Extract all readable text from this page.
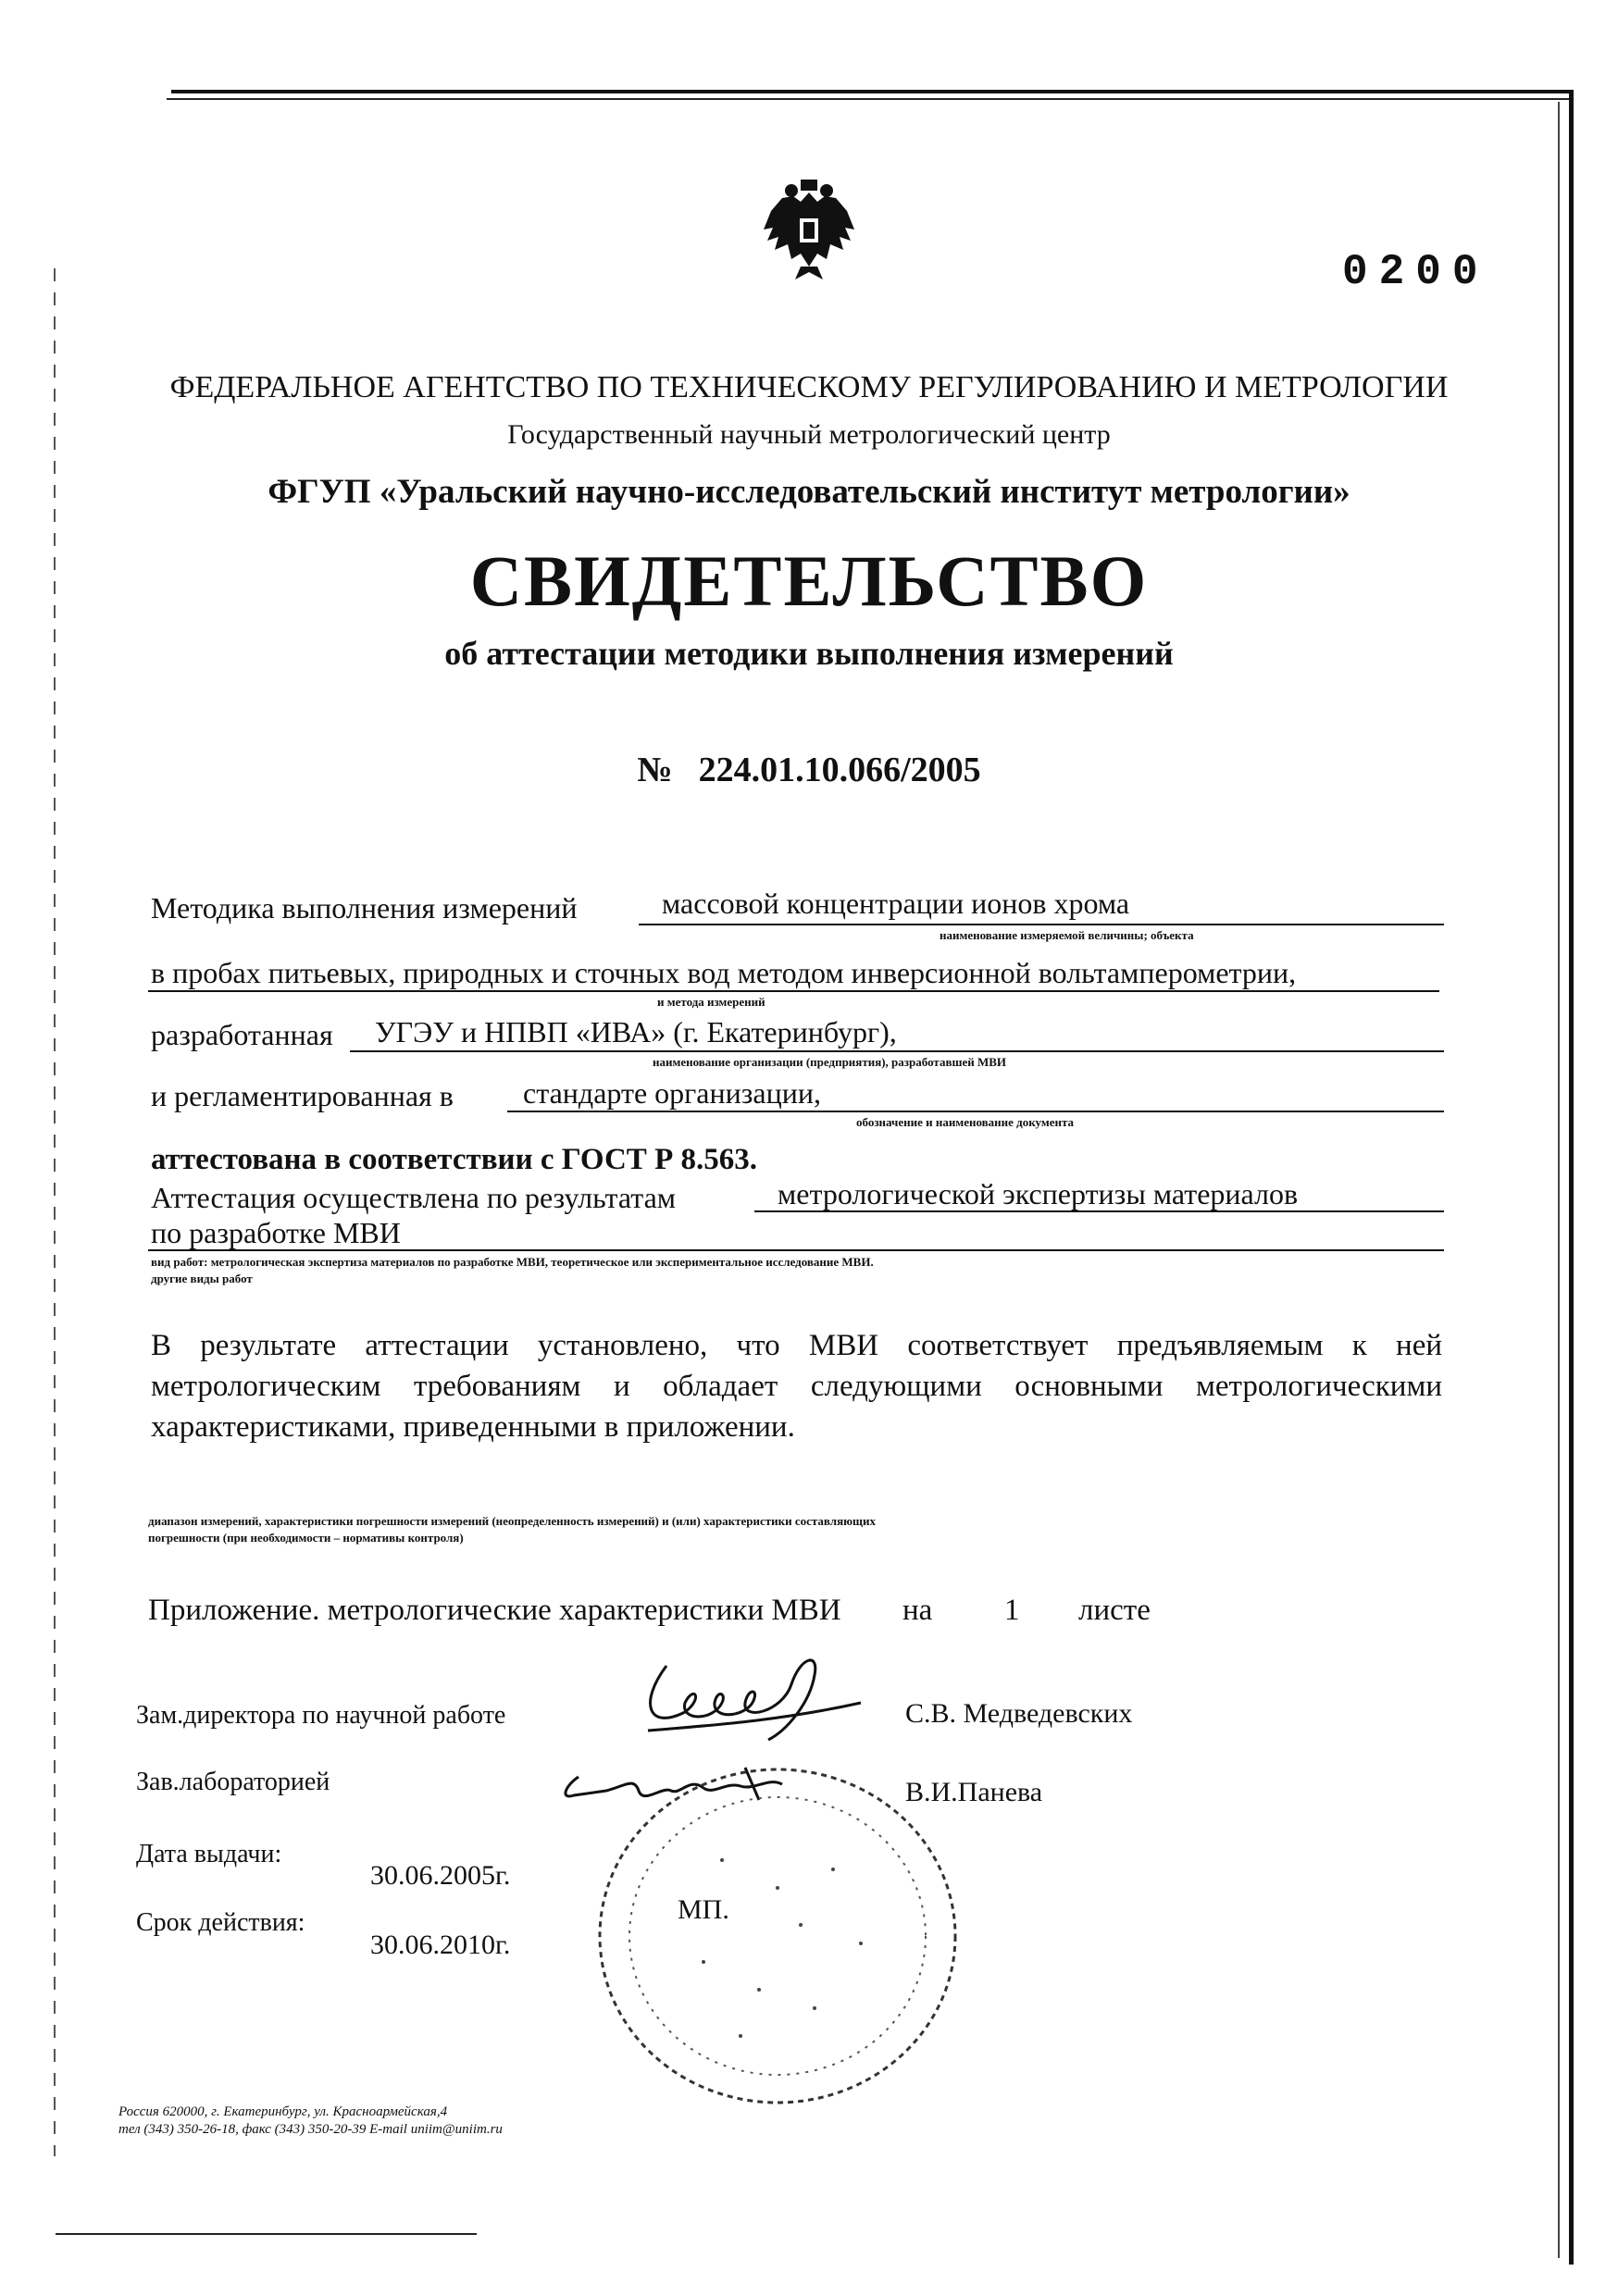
0200
ФЕДЕРАЛЬНОЕ АГЕНТСТВО ПО ТЕХНИЧЕСКОМУ РЕГУЛИРОВАНИЮ И МЕТРОЛОГИИ
Государственный научный метрологический центр
ФГУП «Уральский научно-исследовательский институт метрологии»
СВИДЕТЕЛЬСТВО
об аттестации методики выполнения измерений
№ 224.01.10.066/2005
Методика выполнения измерений	массовой концентрации ионов хрома
наименование измеряемой величины; объекта
в пробах питьевых, природных и сточных вод методом инверсионной вольтамперометрии,
и метода измерений
разработанная УГЭУ и НПВП «ИВА» (г. Екатеринбург),
наименование организации (предприятия), разработавшей МВИ
и регламентированная в стандарте организации,
обозначение и наименование документа
аттестована в соответствии с ГОСТ Р 8.563.
Аттестация осуществлена по результатам	метрологической экспертизы материалов
по разработке МВИ
вид работ: метрологическая экспертиза материалов по разработке МВИ, теоретическое или экспериментальное исследование МВИ.
другие виды работ
В результате аттестации установлено, что МВИ соответствует предъявляемым к ней метрологическим требованиям и обладает следующими основными метрологическими характеристиками, приведенными в приложении.
диапазон измерений, характеристики погрешности измерений (неопределенность измерений) и (или) характеристики составляющих
погрешности (при необходимости – нормативы контроля)
Приложение. метрологические характеристики МВИ на 1 листе
Зам.директора по научной работе	С.В. Медведевских
Зав.лабораторией	В.И.Панева
МП.
Дата выдачи:
30.06.2005г.
Срок действия:
30.06.2010г.
Россия 620000, г. Екатеринбург, ул. Красноармейская,4
тел (343) 350-26-18, факс (343) 350-20-39 E-mail uniim@uniim.ru
